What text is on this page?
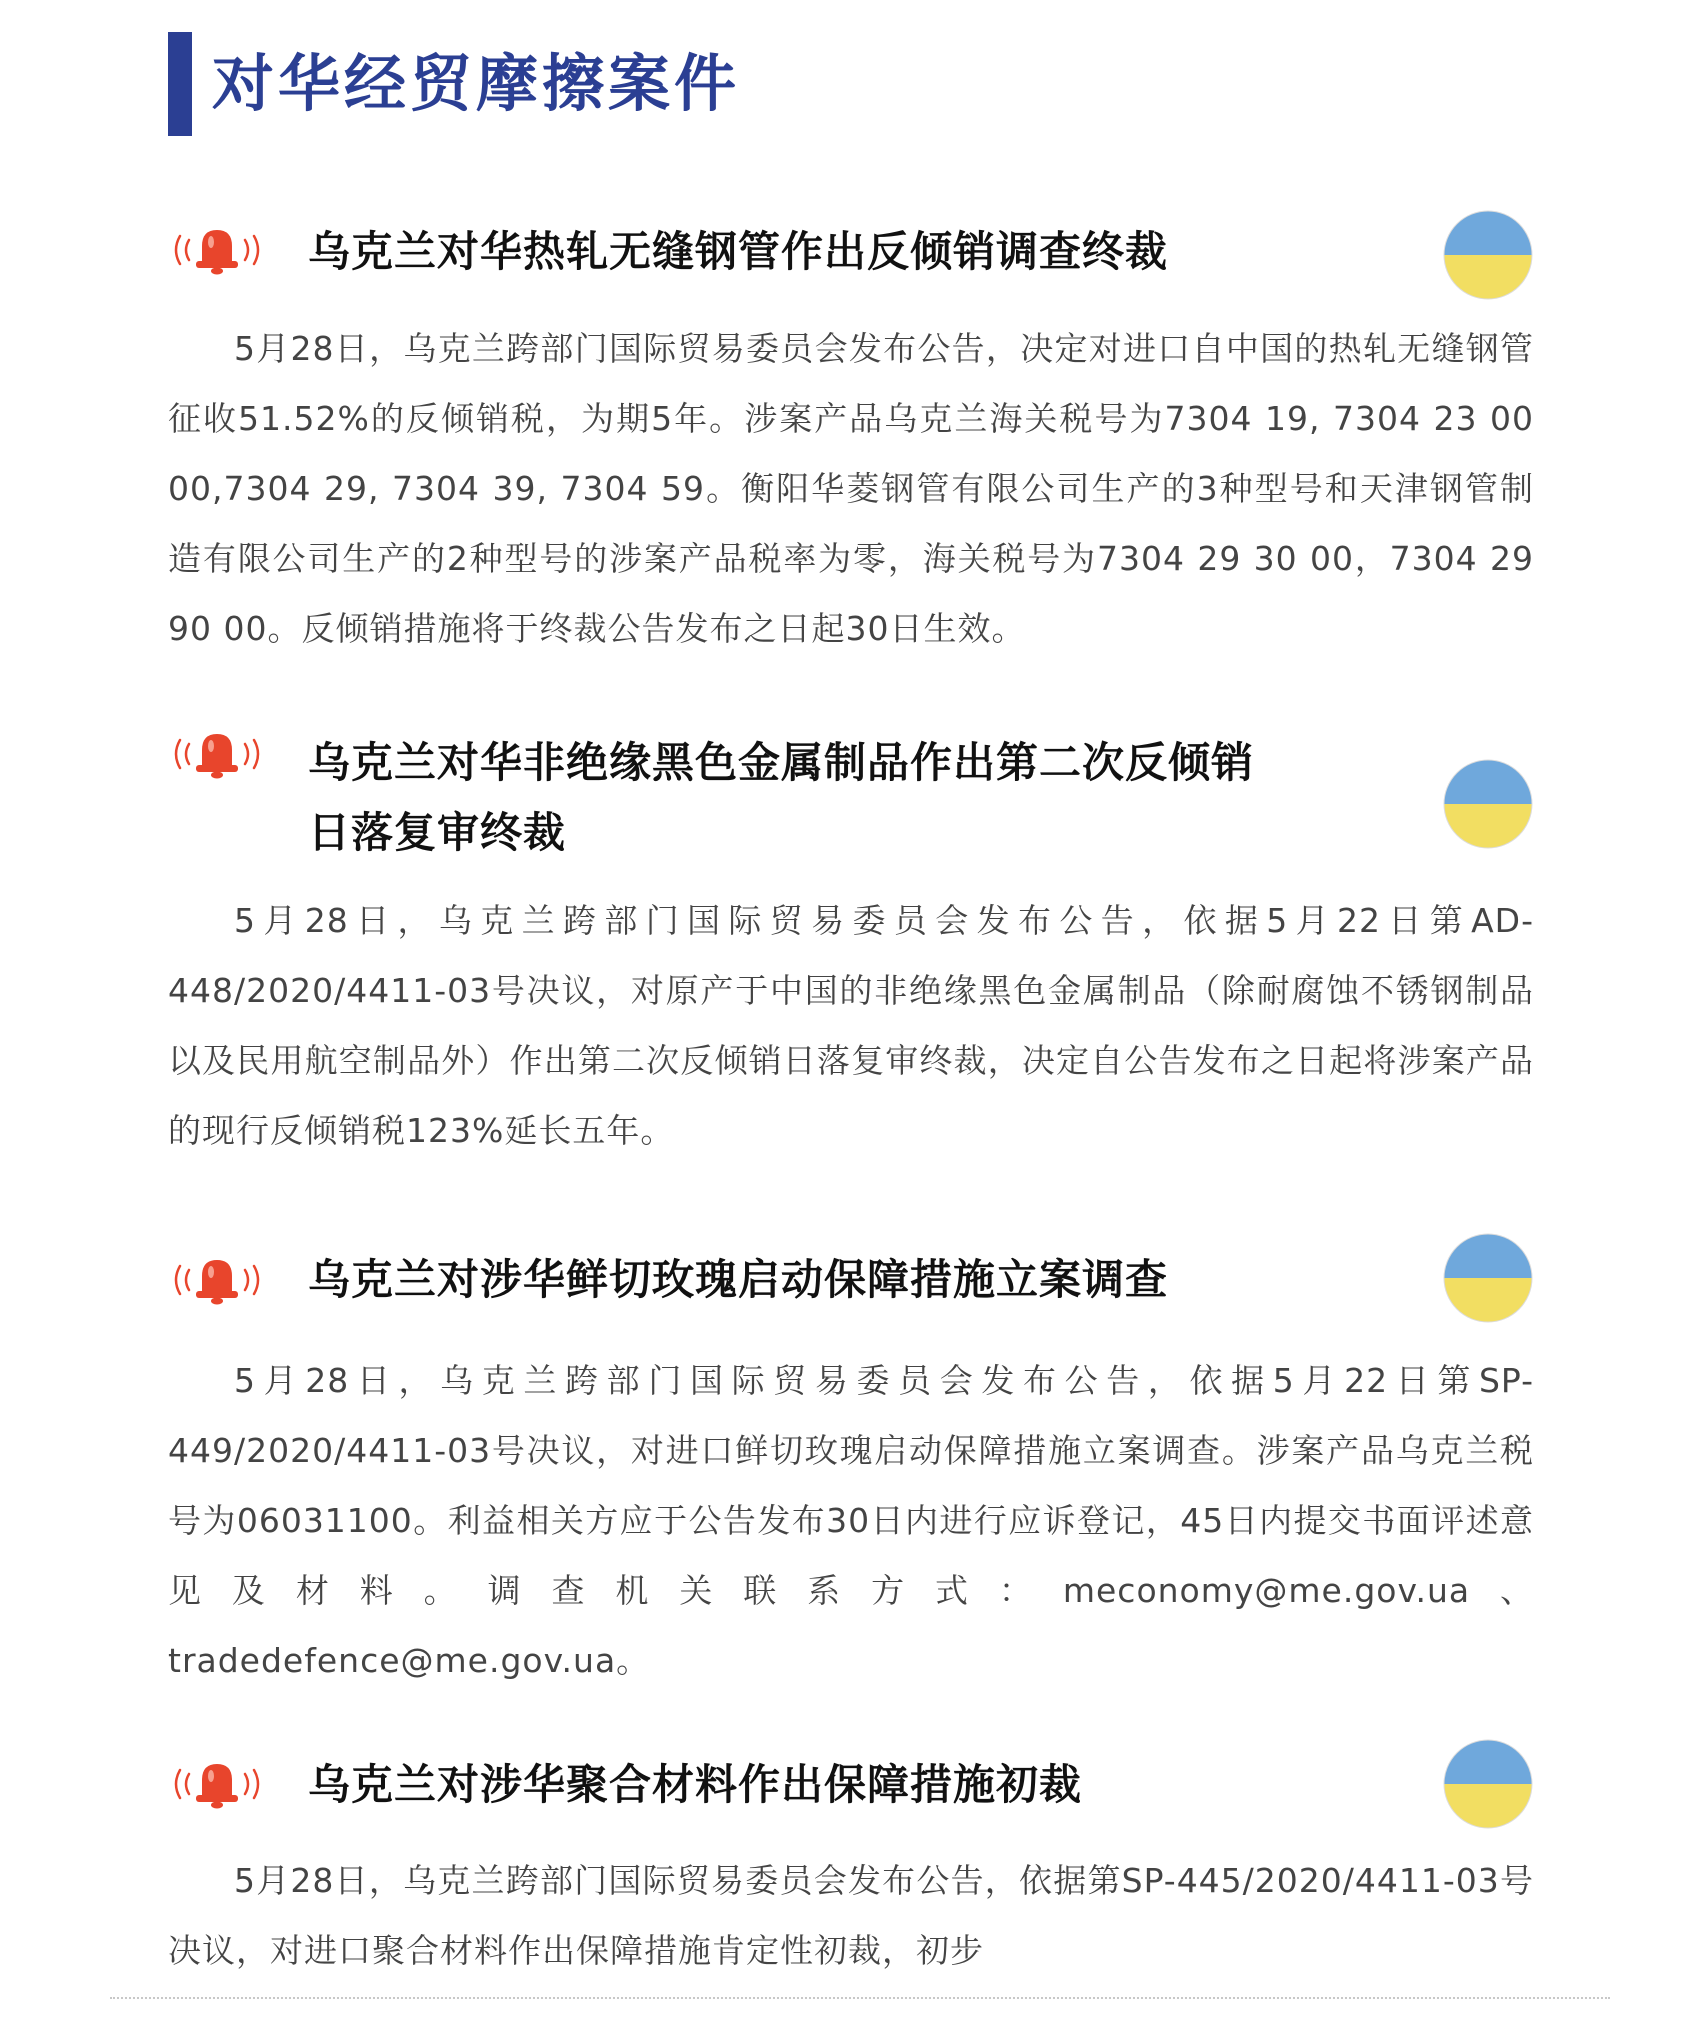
对华经贸摩擦案件
乌克兰对华热轧无缝钢管作出反倾销调查终裁

5月28日，乌克兰跨部门国际贸易委员会发布公告，决定对进口自中国的热轧无缝钢管征收51.52%的反倾销税，为期5年。涉案产品乌克兰海关税号为7304 19, 7304 23 00 00,7304 29, 7304 39, 7304 59。衡阳华菱钢管有限公司生产的3种型号和天津钢管制造有限公司生产的2种型号的涉案产品税率为零，海关税号为7304 29 30 00，7304 29 90 00。反倾销措施将于终裁公告发布之日起30日生效。

乌克兰对华非绝缘黑色金属制品作出第二次反倾销
日落复审终裁

5月28日，乌克兰跨部门国际贸易委员会发布公告，依据5月22日第AD-448/2020/4411-03号决议，对原产于中国的非绝缘黑色金属制品（除耐腐蚀不锈钢制品以及民用航空制品外）作出第二次反倾销日落复审终裁，决定自公告发布之日起将涉案产品的现行反倾销税123%延长五年。

乌克兰对涉华鲜切玫瑰启动保障措施立案调查

5月28日，乌克兰跨部门国际贸易委员会发布公告，依据5月22日第SP-449/2020/4411-03号决议，对进口鲜切玫瑰启动保障措施立案调查。涉案产品乌克兰税号为06031100。利益相关方应于公告发布30日内进行应诉登记，45日内提交书面评述意见及材料。调查机关联系方式：meconomy@me.gov.ua、tradedefence@me.gov.ua。

乌克兰对涉华聚合材料作出保障措施初裁

5月28日，乌克兰跨部门国际贸易委员会发布公告，依据第SP-445/2020/4411-03号决议，对进口聚合材料作出保障措施肯定性初裁，初步
